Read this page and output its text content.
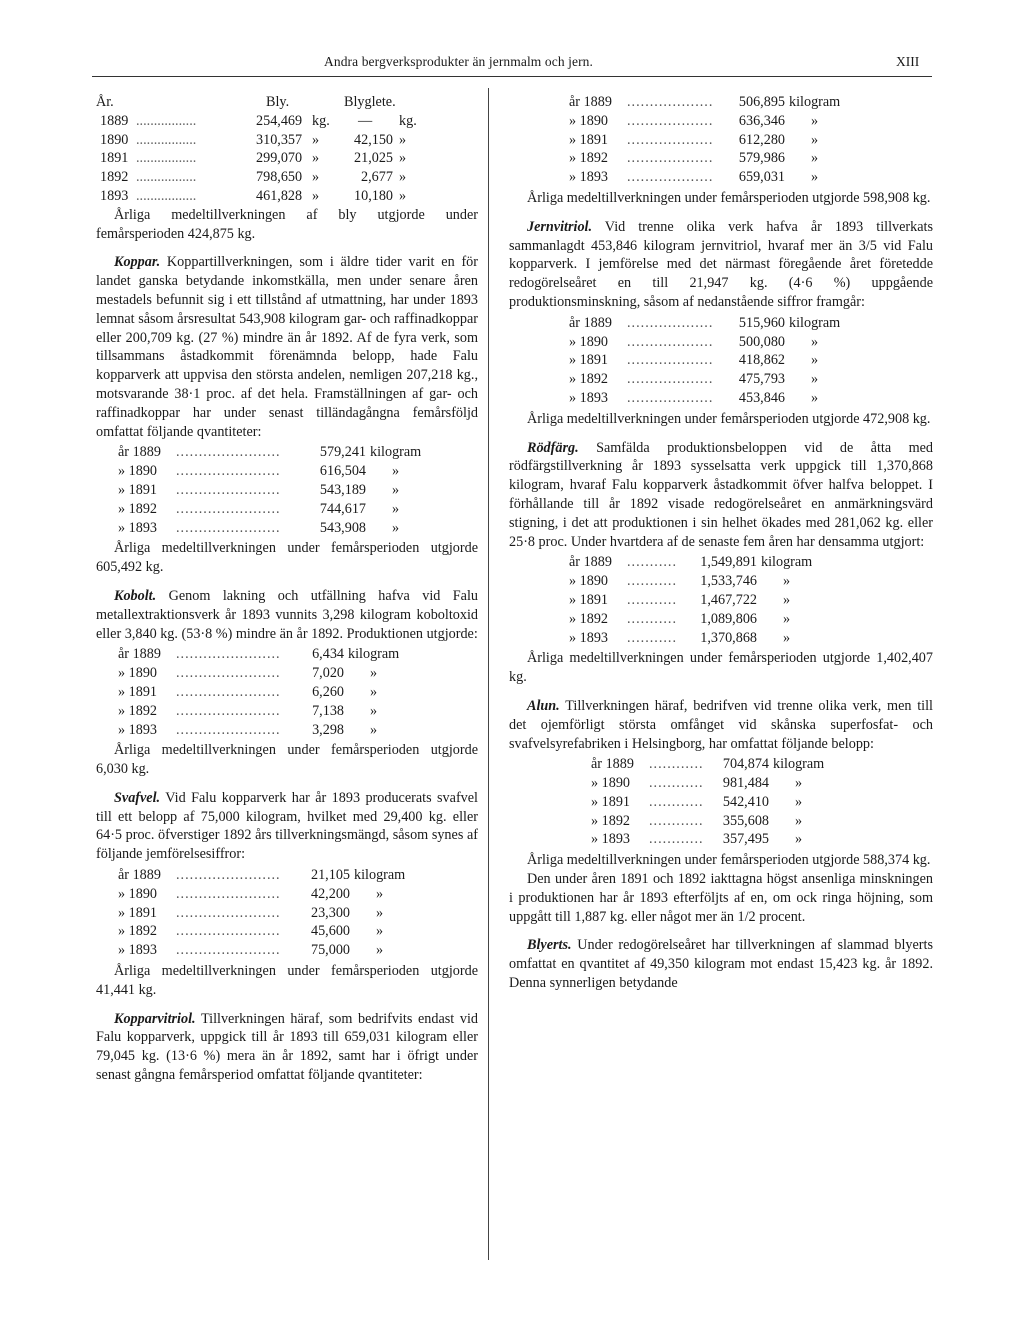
Andra bergverksprodukter än jernmalm och jern.	XIII
År.	Bly.	Blyglete.
1889 .................	254,469 kg. — kg.
1890 .................	310,357 » 42,150 »
1891 .................	299,070 » 21,025 »
1892 .................	798,650 »	2,677 »
1893 .................	461,828 » 10,180 »

Årliga medeltillverkningen af bly utgjorde under femårsperioden 424,875 kg.

Koppar. Koppartillverkningen, som i äldre tider varit en för landet ganska betydande inkomstkälla, men under senare åren mestadels befunnit sig i ett tillstånd af utmattning, har under 1893 lemnat såsom årsresultat 543,908 kilogram gar- och raffinadkoppar eller 200,709 kg. (27 %) mindre än år 1892. Af de fyra verk, som tillsammans åstadkommit förenämnda belopp, hade Falu kopparverk att uppvisa den största andelen, nemligen 207,218 kg., motsvarande 38·1 proc. af det hela. Framställningen af gar- och raffinadkoppar har under senast tilländagångna femårsföljd omfattat följande qvantiteter:

år 1889	.......................	579,241 kilogram
» 1890	.......................	616,504	»
» 1891	.......................	543,189	»
» 1892	.......................	744,617	»
» 1893	.......................	543,908	»

Årliga medeltillverkningen under femårsperioden utgjorde 605,492 kg.

Kobolt. Genom lakning och utfällning hafva vid Falu metallextraktionsverk år 1893 vunnits 3,298 kilogram koboltoxid eller 3,840 kg. (53·8 %) mindre än år 1892. Produktionen utgjorde:

år 1889	.......................	6,434 kilogram
» 1890	.......................	7,020	»
» 1891	.......................	6,260	»
» 1892	.......................	7,138	»
» 1893	.......................	3,298	»

Årliga medeltillverkningen under femårsperioden utgjorde 6,030 kg.

Svafvel. Vid Falu kopparverk har år 1893 producerats svafvel till ett belopp af 75,000 kilogram, hvilket med 29,400 kg. eller 64·5 proc. öfverstiger 1892 års tillverkningsmängd, såsom synes af följande jemförelsesiffror:

år 1889	.......................	21,105 kilogram
» 1890	.......................	42,200	»
» 1891	.......................	23,300	»
» 1892	.......................	45,600	»
» 1893	.......................	75,000	»

Årliga medeltillverkningen under femårsperioden utgjorde 41,441 kg.

Kopparvitriol. Tillverkningen häraf, som bedrifvits endast vid Falu kopparverk, uppgick till år 1893 till 659,031 kilogram eller 79,045 kg. (13·6 %) mera än år 1892, samt har i öfrigt under senast gångna femårsperiod omfattat följande qvantiteter:

år 1889	...................	506,895 kilogram
» 1890	...................	636,346	»
» 1891	...................	612,280	»
» 1892	...................	579,986	»
» 1893	...................	659,031	»

Årliga medeltillverkningen under femårsperioden utgjorde 598,908 kg.

Jernvitriol. Vid trenne olika verk hafva år 1893 tillverkats sammanlagdt 453,846 kilogram jernvitriol, hvaraf mer än 3/5 vid Falu kopparverk. I jemförelse med det närmast föregående året företedde redogörelseåret en till 21,947 kg. (4·6 %) uppgående produktionsminskning, såsom af nedanstående siffror framgår:

år 1889	...................	515,960 kilogram
» 1890	...................	500,080	»
» 1891	...................	418,862	»
» 1892	...................	475,793	»
» 1893	...................	453,846	»

Årliga medeltillverkningen under femårsperioden utgjorde 472,908 kg.

Rödfärg. Samfälda produktionsbeloppen vid de åtta med rödfärgstillverkning år 1893 sysselsatta verk uppgick till 1,370,868 kilogram, hvaraf Falu kopparverk åstadkommit öfver halfva beloppet. I förhållande till år 1892 visade redogörelseåret en anmärkningsvärd stigning, i det att produktionen i sin helhet ökades med 281,062 kg. eller 25·8 proc. Under hvartdera af de senaste fem åren har densamma utgjort:

år 1889	...........	1,549,891 kilogram
» 1890	...........	1,533,746	»
» 1891	...........	1,467,722	»
» 1892	...........	1,089,806	»
» 1893	...........	1,370,868	»

Årliga medeltillverkningen under femårsperioden utgjorde 1,402,407 kg.

Alun. Tillverkningen häraf, bedrifven vid trenne olika verk, men till det ojemförligt största omfånget vid skånska superfosfat- och svafvelsyrefabriken i Helsingborg, har omfattat följande belopp:

år 1889	............	704,874 kilogram
» 1890	............	981,484	»
» 1891	............	542,410	»
» 1892	............	355,608	»
» 1893	............	357,495	»

Årliga medeltillverkningen under femårsperioden utgjorde 588,374 kg.

Den under åren 1891 och 1892 iakttagna högst ansenliga minskningen i produktionen har år 1893 efterföljts af en, om ock ringa höjning, som uppgått till 1,887 kg. eller något mer än 1/2 procent.

Blyerts. Under redogörelseåret har tillverkningen af slammad blyerts omfattat en qvantitet af 49,350 kilogram mot endast 15,423 kg. år 1892. Denna synnerligen betydande
